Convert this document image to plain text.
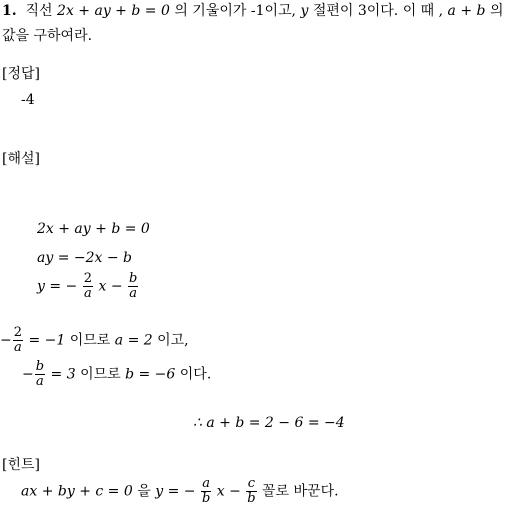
1. 직선 2x + ay + b = 0 의 기울이가 -1이고, y 절편이 3이다. 이 때 , a + b 의
값을 구하여라.
[정답]
-4
[해설]
2x + ay + b = 0
ay = −2x − b
y = − $\frac{2}{a}$ $x - \frac{b}{a}$
− $\frac{2}{a} = -1$ 이므로 a = 2 이고,
− $\frac{b}{a} = 3$ 이므로 b = −6 이다.
∴ a + b = 2 − 6 = −4
[힌트]
ax + by + c = 0 을 y = − $\frac{a}{b}$ $x - \frac{c}{b}$ 꼴로 바꾼다.
